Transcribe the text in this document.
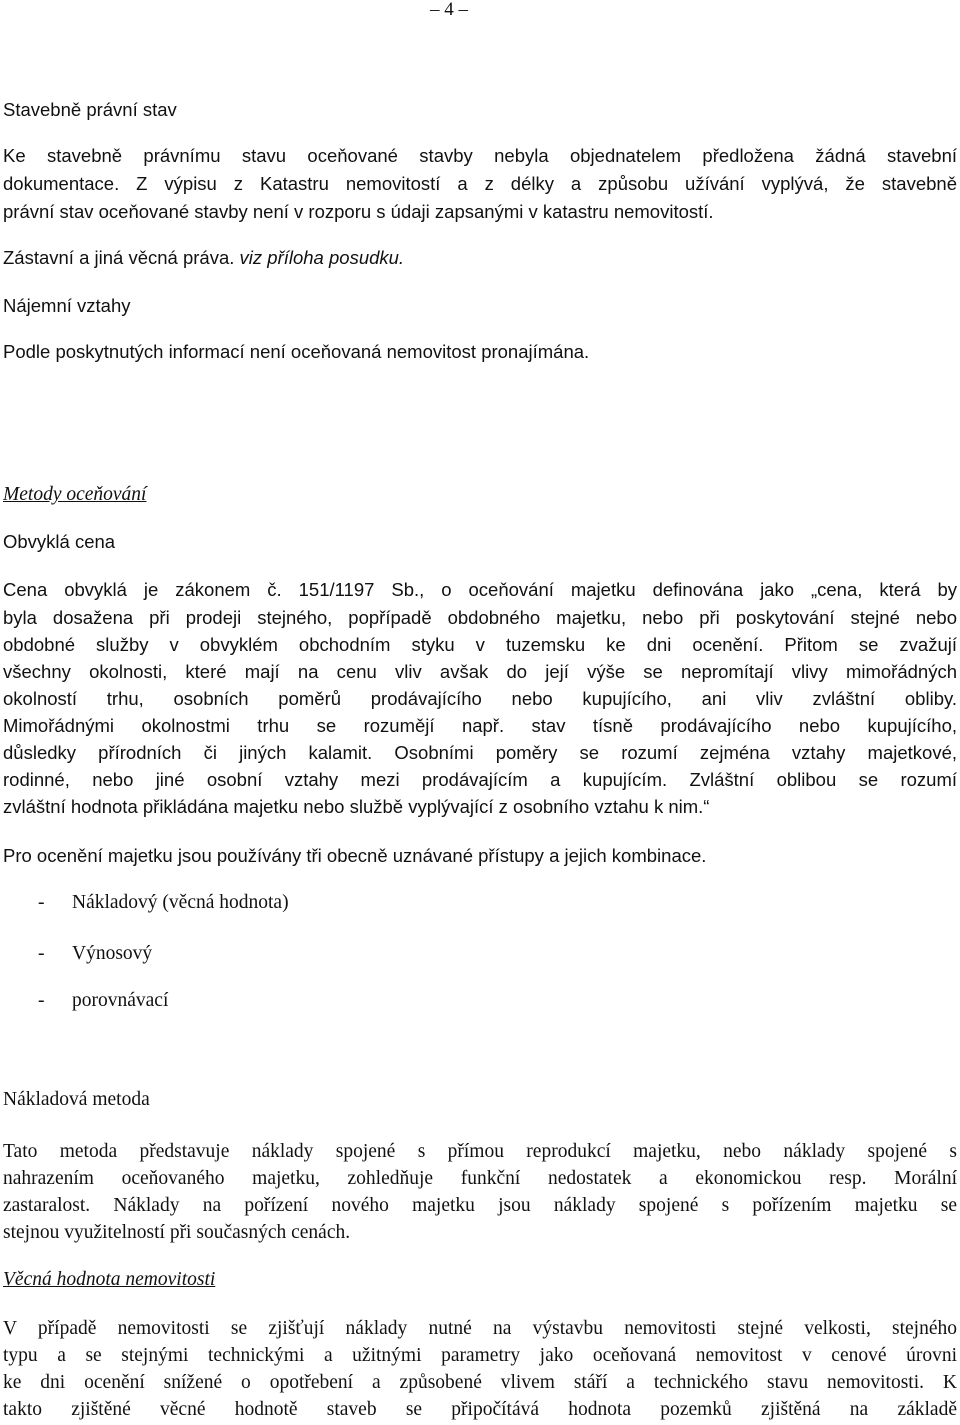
– 4 –
Stavebně právní stav
Ke stavebně právnímu stavu oceňované stavby nebyla objednatelem předložena žádná stavební
dokumentace. Z výpisu z Katastru nemovitostí a z délky a způsobu užívání vyplývá, že stavebně
právní stav oceňované stavby není v rozporu s údaji zapsanými v katastru nemovitostí.
Zástavní a jiná věcná práva. viz příloha posudku.
Nájemní vztahy
Podle poskytnutých informací není oceňovaná nemovitost pronajímána.
Metody oceňování
Obvyklá cena
Cena obvyklá je zákonem č. 151/1197 Sb., o oceňování majetku definována jako „cena, která by
byla dosažena při prodeji stejného, popřípadě obdobného majetku, nebo při poskytování stejné nebo
obdobné služby v obvyklém obchodním styku v tuzemsku ke dni ocenění. Přitom se zvažují
všechny okolnosti, které mají na cenu vliv avšak do její výše se nepromítají vlivy mimořádných
okolností trhu, osobních poměrů prodávajícího nebo kupujícího, ani vliv zvláštní obliby.
Mimořádnými okolnostmi trhu se rozumějí např. stav tísně prodávajícího nebo kupujícího,
důsledky přírodních či jiných kalamit. Osobními poměry se rozumí zejména vztahy majetkové,
rodinné, nebo jiné osobní vztahy mezi prodávajícím a kupujícím. Zvláštní oblibou se rozumí
zvláštní hodnota přikládána majetku nebo službě vyplývající z osobního vztahu k nim.“
Pro ocenění majetku jsou používány tři obecně uznávané přístupy a jejich kombinace.
- Nákladový (věcná hodnota)
- Výnosový
- porovnávací
Nákladová metoda
Tato metoda představuje náklady spojené s přímou reprodukcí majetku, nebo náklady spojené s
nahrazením oceňovaného majetku, zohledňuje funkční nedostatek a ekonomickou resp. Morální
zastaralost. Náklady na pořízení nového majetku jsou náklady spojené s pořízením majetku se
stejnou využitelností při současných cenách.
Věcná hodnota nemovitosti
V případě nemovitosti se zjišťují náklady nutné na výstavbu nemovitosti stejné velkosti, stejného
typu a se stejnými technickými a užitnými parametry jako oceňovaná nemovitost v cenové úrovni
ke dni ocenění snížené o opotřebení a způsobené vlivem stáří a technického stavu nemovitosti. K
takto zjištěné věcné hodnotě staveb se připočítává hodnota pozemků zjištěná na základě
